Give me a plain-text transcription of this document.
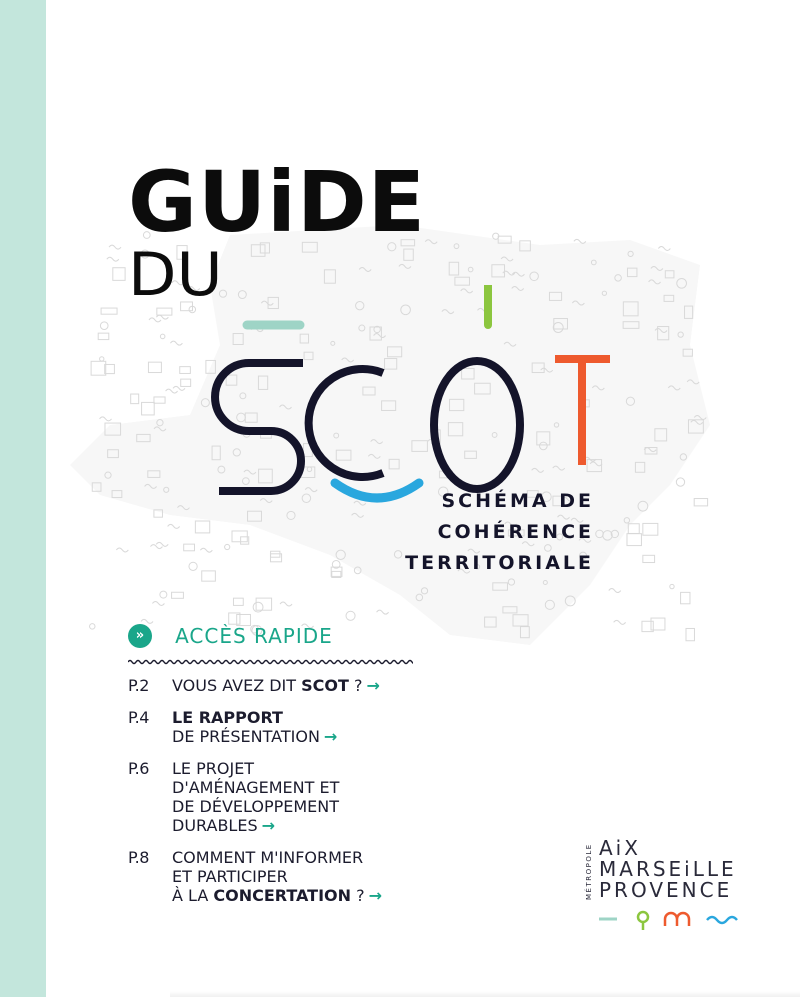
GUiDE
DU
SCHÉMA DE
COHÉRENCE
TERRITORIALE
» ACCÈS RAPIDE
P.2 VOUS AVEZ DIT SCOT ? →
P.4 LE RAPPORT
DE PRÉSENTATION →
P.6 LE PROJET
D'AMÉNAGEMENT ET
DE DÉVELOPPEMENT
DURABLES →
P.8 COMMENT M'INFORMER
ET PARTICIPER
À LA CONCERTATION ? →	MÉTROPOLE AiX
MARSEiLLE
PROVENCE
